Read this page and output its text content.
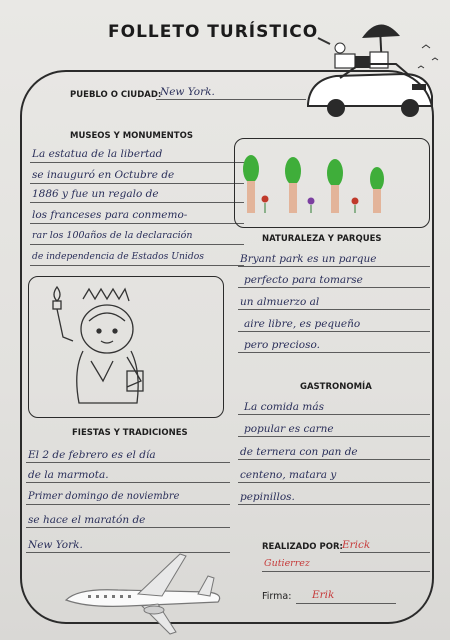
FOLLETO TURÍSTICO
PUEBLO O CIUDAD:
New York.
MUSEOS Y MONUMENTOS
La estatua de la libertad
se inauguró en Octubre de
1886 y fue un regalo de
los franceses para conmemo-
rar los 100años de la declaración
de independencia de Estados Unidos
NATURALEZA Y PARQUES
Bryant park es un parque
perfecto para tomarse
un almuerzo al
aire libre, es pequeño
pero precioso.
GASTRONOMÍA
La comida más
popular es carne
de ternera con pan de
centeno, matara y
pepinillos.
FIESTAS Y TRADICIONES
El 2 de febrero es el día
de la marmota.
Primer domingo de noviembre
se hace el maratón de
New York.	REALIZADO POR: Erick
Gutierrez
Firma: Erik
